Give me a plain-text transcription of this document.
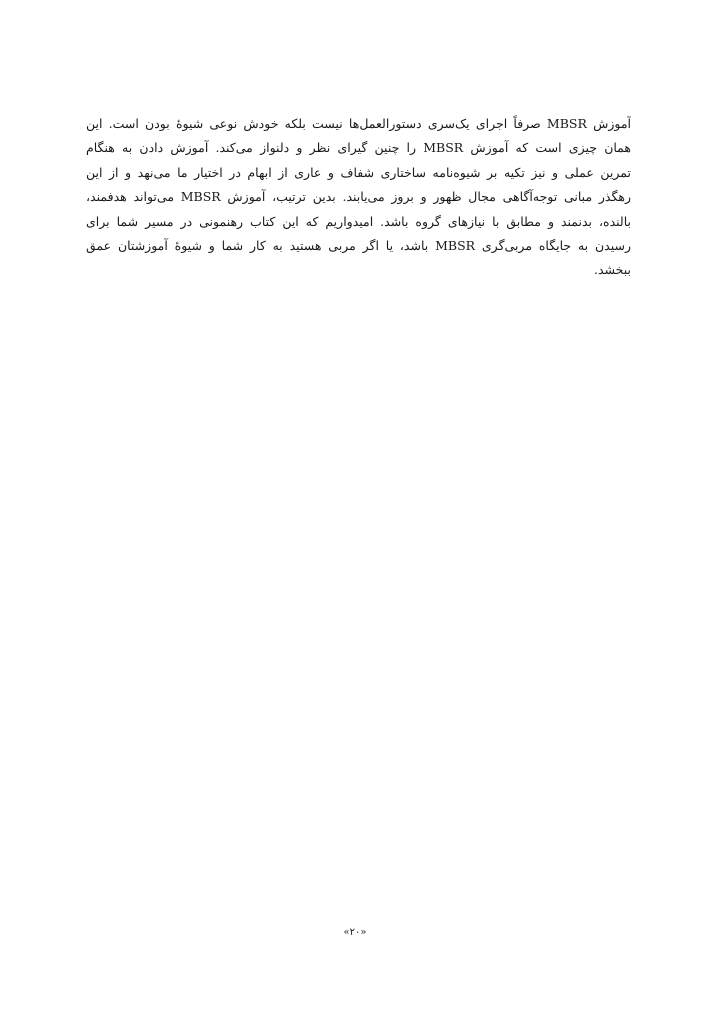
آموزش MBSR صرفاً اجرای یک‌سری دستورالعمل‌ها نیست بلکه خودش نوعی شیوهٔ بودن است. این
همان چیزی است که آموزش MBSR را چنین گیرای نظر و دلنواز می‌کند. آموزش دادن به هنگام
تمرین عملی و نیز تکیه بر شیوه‌نامه ساختاری شفاف و عاری از ابهام در اختیار ما می‌نهد و از این
رهگذر مبانی توجه‌آگاهی مجال ظهور و بروز می‌یابند. بدین ترتیب، آموزش MBSR می‌تواند هدفمند،
بالنده، بدنمند و مطابق با نیازهای گروه باشد. امیدواریم که این کتاب رهنمونی در مسیر شما برای
رسیدن به جایگاه مربی‌گری MBSR باشد، یا اگر مربی هستید به کار شما و شیوهٔ آموزشتان عمق
ببخشد.
«۲۰»
